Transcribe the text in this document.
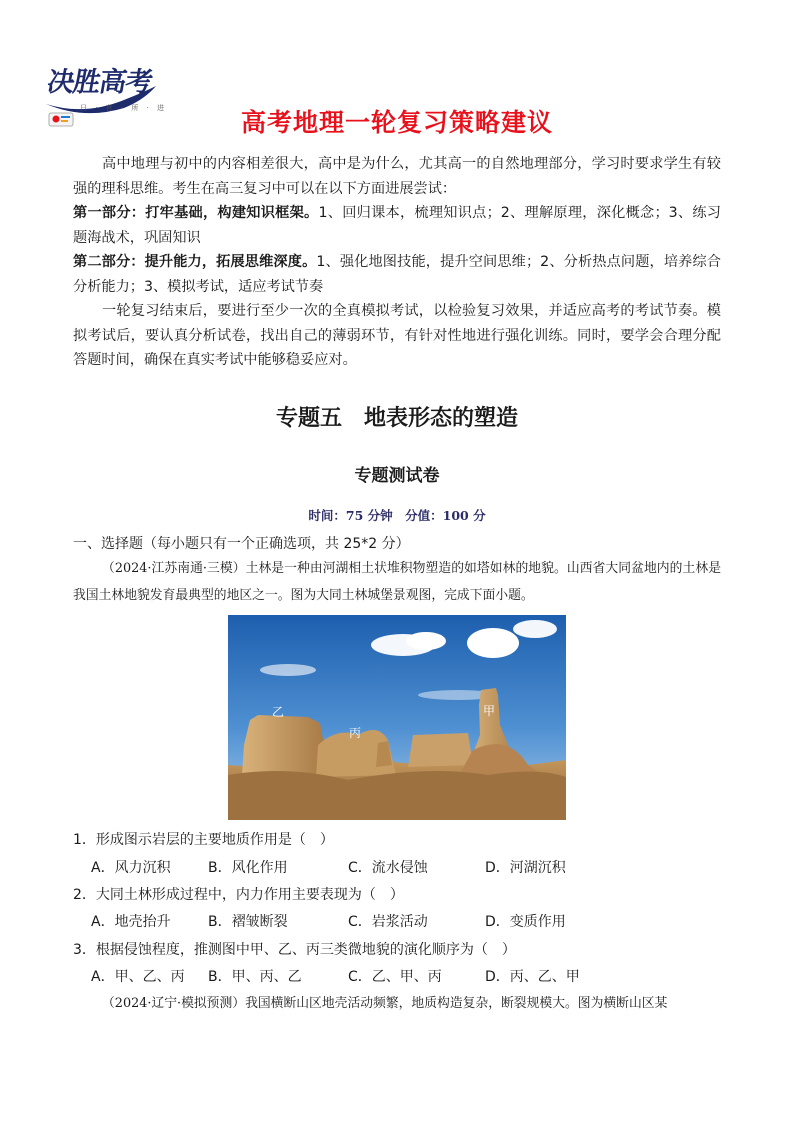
决胜高考
日 · 有 · 所 · 进	高考地理一轮复习策略建议

高中地理与初中的内容相差很大，高中是为什么，尤其高一的自然地理部分，学习时要求学生有较强的理科思维。考生在高三复习中可以在以下方面进展尝试：

第一部分：打牢基础，构建知识框架。1、回归课本，梳理知识点；2、理解原理，深化概念；3、练习题海战术，巩固知识

第二部分：提升能力，拓展思维深度。1、强化地图技能，提升空间思维；2、分析热点问题，培养综合分析能力；3、模拟考试，适应考试节奏

一轮复习结束后，要进行至少一次的全真模拟考试，以检验复习效果，并适应高考的考试节奏。模拟考试后，要认真分析试卷，找出自己的薄弱环节，有针对性地进行强化训练。同时，要学会合理分配答题时间，确保在真实考试中能够稳妥应对。

专题五　地表形态的塑造
专题测试卷
时间：75 分钟　分值：100 分
一、选择题（每小题只有一个正确选项，共 25*2 分）

（2024·江苏南通·三模）土林是一种由河湖相土状堆积物塑造的如塔如林的地貌。山西省大同盆地内的土林是我国土林地貌发育最典型的地区之一。图为大同土林城堡景观图，完成下面小题。

乙
丙
甲
1．形成图示岩层的主要地质作用是（　）
A．风力沉积	B．风化作用	C．流水侵蚀	D．河湖沉积
2．大同土林形成过程中，内力作用主要表现为（　）
A．地壳抬升	B．褶皱断裂	C．岩浆活动	D．变质作用
3．根据侵蚀程度，推测图中甲、乙、丙三类微地貌的演化顺序为（　）
A．甲、乙、丙 B．甲、丙、乙	C．乙、甲、丙	D．丙、乙、甲

（2024·辽宁·模拟预测）我国横断山区地壳活动频繁，地质构造复杂，断裂规模大。图为横断山区某
